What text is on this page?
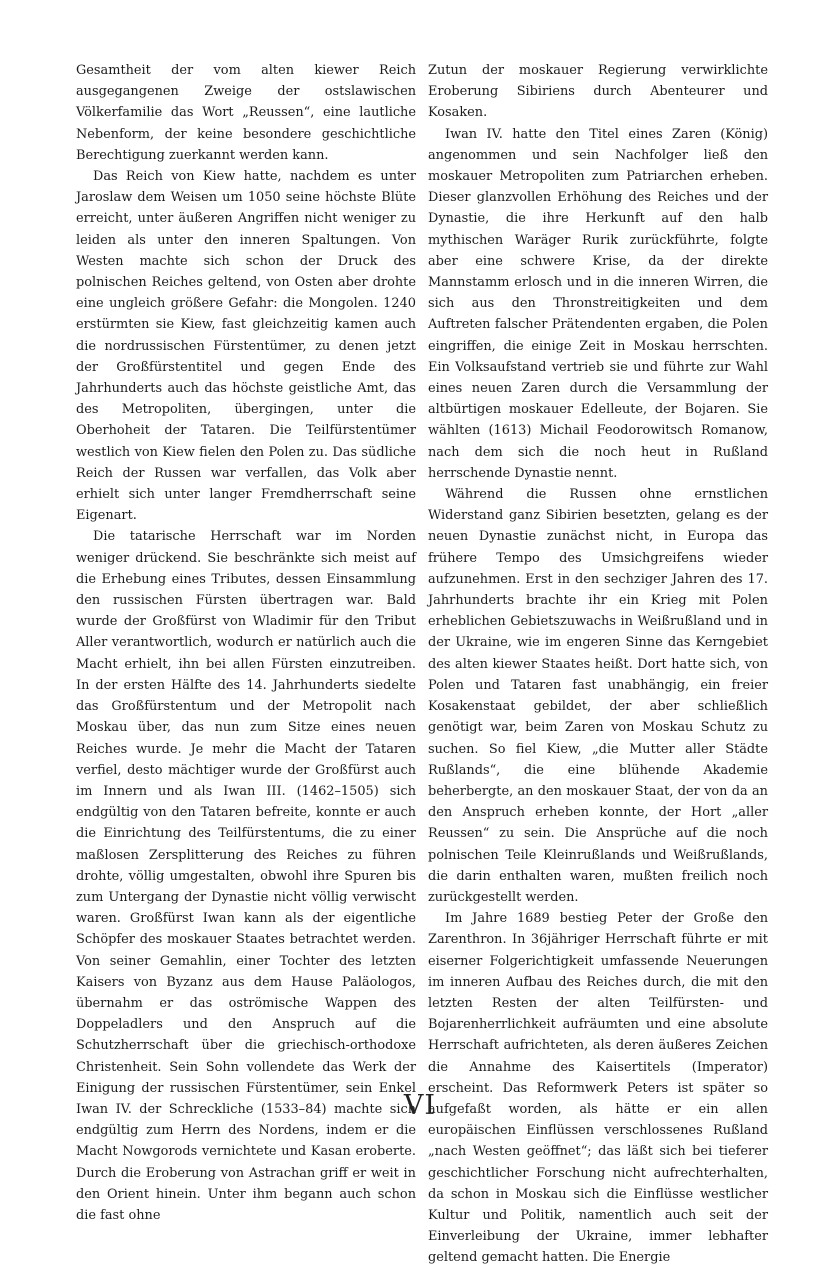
Gesamtheit der vom alten kiewer Reich ausgegangenen Zweige der ostslawischen Völkerfamilie das Wort „Reussen“, eine lautliche Nebenform, der keine besondere geschichtliche Berechtigung zuerkannt werden kann.

Das Reich von Kiew hatte, nachdem es unter Jaroslaw dem Weisen um 1050 seine höchste Blüte erreicht, unter äußeren Angriffen nicht weniger zu leiden als unter den inneren Spaltungen. Von Westen machte sich schon der Druck des polnischen Reiches geltend, von Osten aber drohte eine ungleich größere Gefahr: die Mongolen. 1240 erstürmten sie Kiew, fast gleichzeitig kamen auch die nordrussischen Fürstentümer, zu denen jetzt der Großfürstentitel und gegen Ende des Jahrhunderts auch das höchste geistliche Amt, das des Metropoliten, übergingen, unter die Oberhoheit der Tataren. Die Teilfürstentümer westlich von Kiew fielen den Polen zu. Das südliche Reich der Russen war verfallen, das Volk aber erhielt sich unter langer Fremdherrschaft seine Eigenart.

Die tatarische Herrschaft war im Norden weniger drückend. Sie beschränkte sich meist auf die Erhebung eines Tributes, dessen Einsammlung den russischen Fürsten übertragen war. Bald wurde der Großfürst von Wladimir für den Tribut Aller verantwortlich, wodurch er natürlich auch die Macht erhielt, ihn bei allen Fürsten einzutreiben. In der ersten Hälfte des 14. Jahrhunderts siedelte das Großfürstentum und der Metropolit nach Moskau über, das nun zum Sitze eines neuen Reiches wurde. Je mehr die Macht der Tataren verfiel, desto mächtiger wurde der Großfürst auch im Innern und als Iwan III. (1462–1505) sich endgültig von den Tataren befreite, konnte er auch die Einrichtung des Teilfürstentums, die zu einer maßlosen Zersplitterung des Reiches zu führen drohte, völlig umgestalten, obwohl ihre Spuren bis zum Untergang der Dynastie nicht völlig verwischt waren. Großfürst Iwan kann als der eigentliche Schöpfer des moskauer Staates betrachtet werden. Von seiner Gemahlin, einer Tochter des letzten Kaisers von Byzanz aus dem Hause Paläologos, übernahm er das oströmische Wappen des Doppeladlers und den Anspruch auf die Schutzherrschaft über die griechisch-orthodoxe Christenheit. Sein Sohn vollendete das Werk der Einigung der russischen Fürstentümer, sein Enkel Iwan IV. der Schreckliche (1533–84) machte sich endgültig zum Herrn des Nordens, indem er die Macht Nowgorods vernichtete und Kasan eroberte. Durch die Eroberung von Astrachan griff er weit in den Orient hinein. Unter ihm begann auch schon die fast ohne

Zutun der moskauer Regierung verwirklichte Eroberung Sibiriens durch Abenteurer und Kosaken.

Iwan IV. hatte den Titel eines Zaren (König) angenommen und sein Nachfolger ließ den moskauer Metropoliten zum Patriarchen erheben. Dieser glanzvollen Erhöhung des Reiches und der Dynastie, die ihre Herkunft auf den halb mythischen Waräger Rurik zurückführte, folgte aber eine schwere Krise, da der direkte Mannstamm erlosch und in die inneren Wirren, die sich aus den Thronstreitigkeiten und dem Auftreten falscher Prätendenten ergaben, die Polen eingriffen, die einige Zeit in Moskau herrschten. Ein Volksaufstand vertrieb sie und führte zur Wahl eines neuen Zaren durch die Versammlung der altbürtigen moskauer Edelleute, der Bojaren. Sie wählten (1613) Michail Feodorowitsch Romanow, nach dem sich die noch heut in Rußland herrschende Dynastie nennt.

Während die Russen ohne ernstlichen Widerstand ganz Sibirien besetzten, gelang es der neuen Dynastie zunächst nicht, in Europa das frühere Tempo des Umsichgreifens wieder aufzunehmen. Erst in den sechziger Jahren des 17. Jahrhunderts brachte ihr ein Krieg mit Polen erheblichen Gebietszuwachs in Weißrußland und in der Ukraine, wie im engeren Sinne das Kerngebiet des alten kiewer Staates heißt. Dort hatte sich, von Polen und Tataren fast unabhängig, ein freier Kosakenstaat gebildet, der aber schließlich genötigt war, beim Zaren von Moskau Schutz zu suchen. So fiel Kiew, „die Mutter aller Städte Rußlands“, die eine blühende Akademie beherbergte, an den moskauer Staat, der von da an den Anspruch erheben konnte, der Hort „aller Reussen“ zu sein. Die Ansprüche auf die noch polnischen Teile Kleinrußlands und Weißrußlands, die darin enthalten waren, mußten freilich noch zurückgestellt werden.

Im Jahre 1689 bestieg Peter der Große den Zarenthron. In 36jähriger Herrschaft führte er mit eiserner Folgerichtigkeit umfassende Neuerungen im inneren Aufbau des Reiches durch, die mit den letzten Resten der alten Teilfürsten- und Bojarenherrlichkeit aufräumten und eine absolute Herrschaft aufrichteten, als deren äußeres Zeichen die Annahme des Kaisertitels (Imperator) erscheint. Das Reformwerk Peters ist später so aufgefaßt worden, als hätte er ein allen europäischen Einflüssen verschlossenes Rußland „nach Westen geöffnet“; das läßt sich bei tieferer geschichtlicher Forschung nicht aufrechterhalten, da schon in Moskau sich die Einflüsse westlicher Kultur und Politik, namentlich auch seit der Einverleibung der Ukraine, immer lebhafter geltend gemacht hatten. Die Energie

VI
